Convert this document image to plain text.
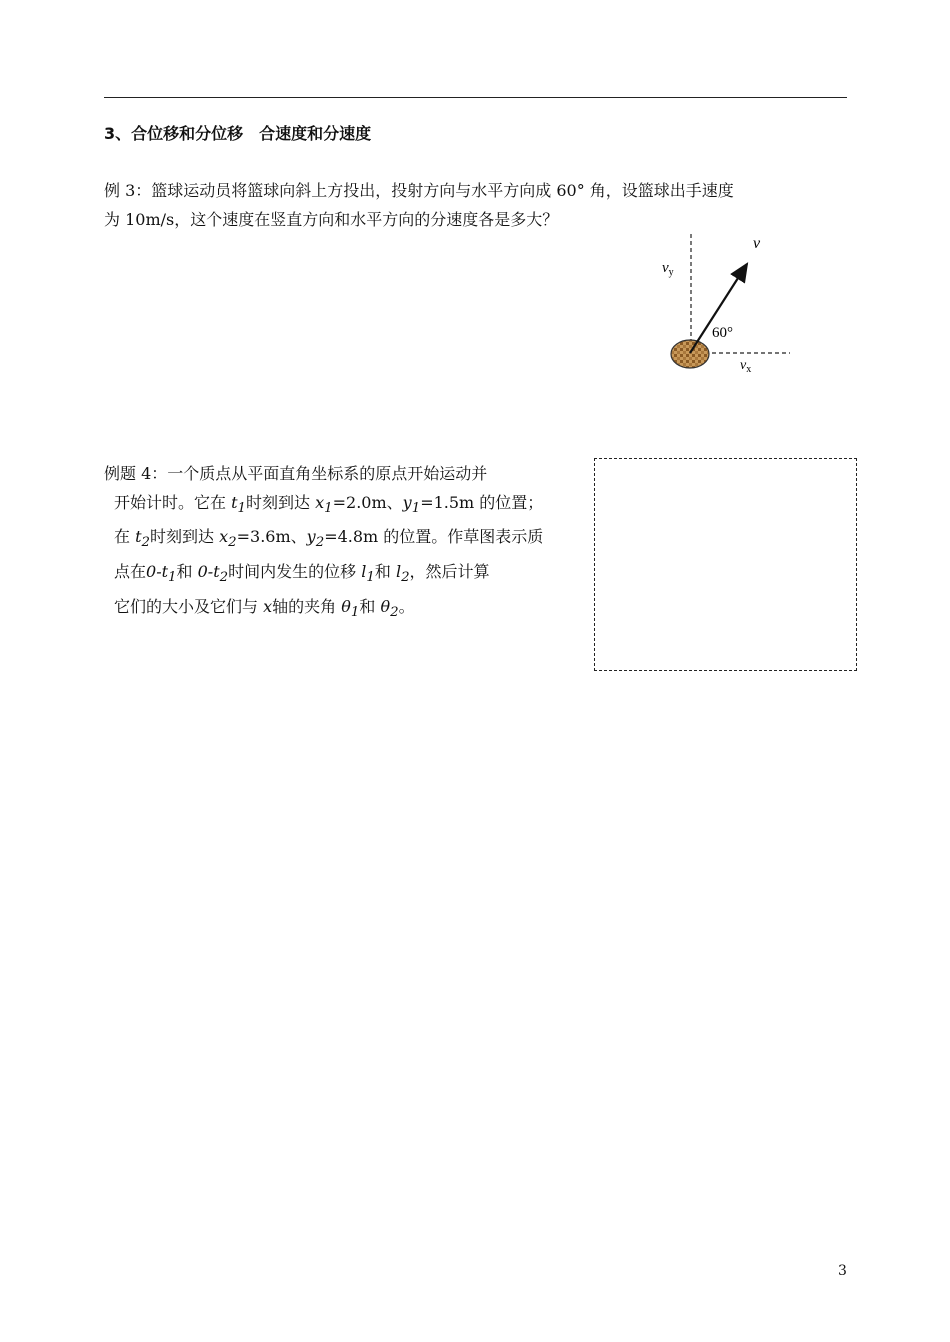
3、合位移和分位移　合速度和分速度
例 3：篮球运动员将篮球向斜上方投出，投射方向与水平方向成 60° 角，设篮球出手速度
为 10m/s，这个速度在竖直方向和水平方向的分速度各是多大？
v
$v_y$
60°
$v_x$
例题 4：一个质点从平面直角坐标系的原点开始运动并
开始计时。它在 $t_1$时刻到达 $x_1=2.0m$、$y_1=1.5m$ 的位置；
在 $t_2$时刻到达 $x_2=3.6m$、$y_2=4.8m$ 的位置。作草图表示质
点在$0-t_1$和 $0-t_2$时间内发生的位移 $l_1$和 $l_2$，然后计算
它们的大小及它们与 x轴的夹角 $\theta_1$和 $\theta_2$。
3
